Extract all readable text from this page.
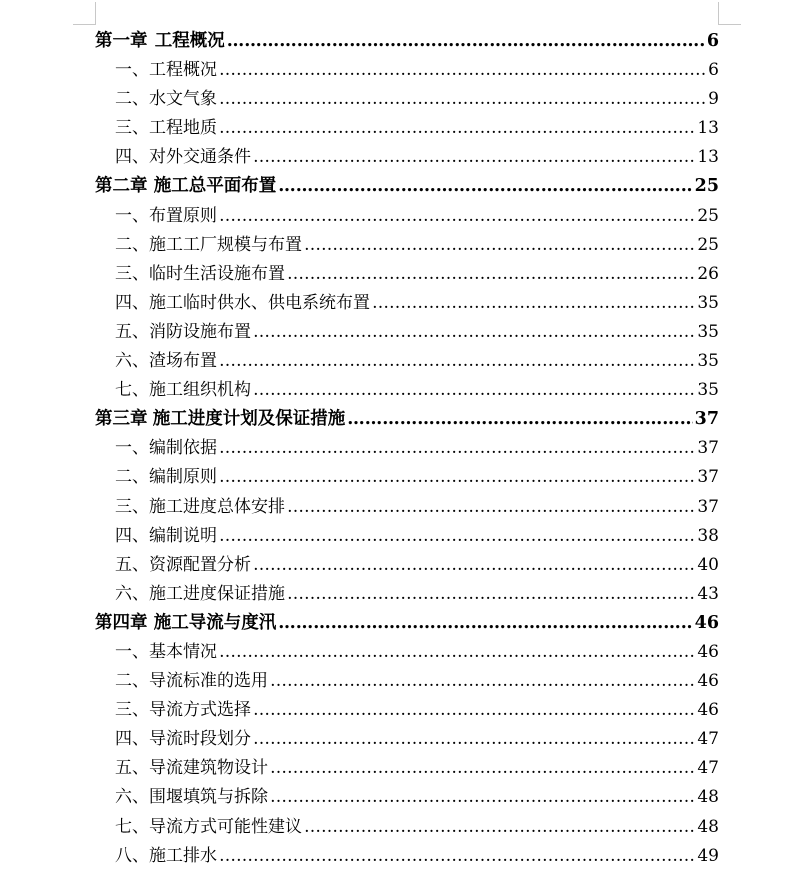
第一章 工程概况 ……………………………………………………………………………………………………………………………………………………………………………………	6
一、 工程概况 ……………………………………………………………………………………………………………………………………………………………………………………	6
二、 水文气象 ……………………………………………………………………………………………………………………………………………………………………………………	9
三、 工程地质 ……………………………………………………………………………………………………………………………………………………………………………………	13
四、 对外交通条件 ……………………………………………………………………………………………………………………………………………………………………………………	13
第二章 施工总平面布置 ……………………………………………………………………………………………………………………………………………………………………………………	25
一、 布置原则 ……………………………………………………………………………………………………………………………………………………………………………………	25
二、 施工工厂规模与布置 ……………………………………………………………………………………………………………………………………………………………………………………	25
三、 临时生活设施布置 ……………………………………………………………………………………………………………………………………………………………………………………	26
四、 施工临时供水、供电系统布置 ……………………………………………………………………………………………………………………………………………………………………………………	35
五、 消防设施布置 ……………………………………………………………………………………………………………………………………………………………………………………	35
六、 渣场布置 ……………………………………………………………………………………………………………………………………………………………………………………	35
七、 施工组织机构 ……………………………………………………………………………………………………………………………………………………………………………………	35
第三章 施工进度计划及保证措施 ……………………………………………………………………………………………………………………………………………………………………………………	37
一、 编制依据 ……………………………………………………………………………………………………………………………………………………………………………………	37
二、 编制原则 ……………………………………………………………………………………………………………………………………………………………………………………	37
三、 施工进度总体安排 ……………………………………………………………………………………………………………………………………………………………………………………	37
四、 编制说明 ……………………………………………………………………………………………………………………………………………………………………………………	38
五、 资源配置分析 ……………………………………………………………………………………………………………………………………………………………………………………	40
六、 施工进度保证措施 ……………………………………………………………………………………………………………………………………………………………………………………	43
第四章 施工导流与度汛 ……………………………………………………………………………………………………………………………………………………………………………………	46
一、 基本情况 ……………………………………………………………………………………………………………………………………………………………………………………	46
二、 导流标准的选用 ……………………………………………………………………………………………………………………………………………………………………………………	46
三、 导流方式选择 ……………………………………………………………………………………………………………………………………………………………………………………	46
四、 导流时段划分 ……………………………………………………………………………………………………………………………………………………………………………………	47
五、 导流建筑物设计 ……………………………………………………………………………………………………………………………………………………………………………………	47
六、 围堰填筑与拆除 ……………………………………………………………………………………………………………………………………………………………………………………	48
七、 导流方式可能性建议 ……………………………………………………………………………………………………………………………………………………………………………………	48
八、 施工排水 ……………………………………………………………………………………………………………………………………………………………………………………	49
